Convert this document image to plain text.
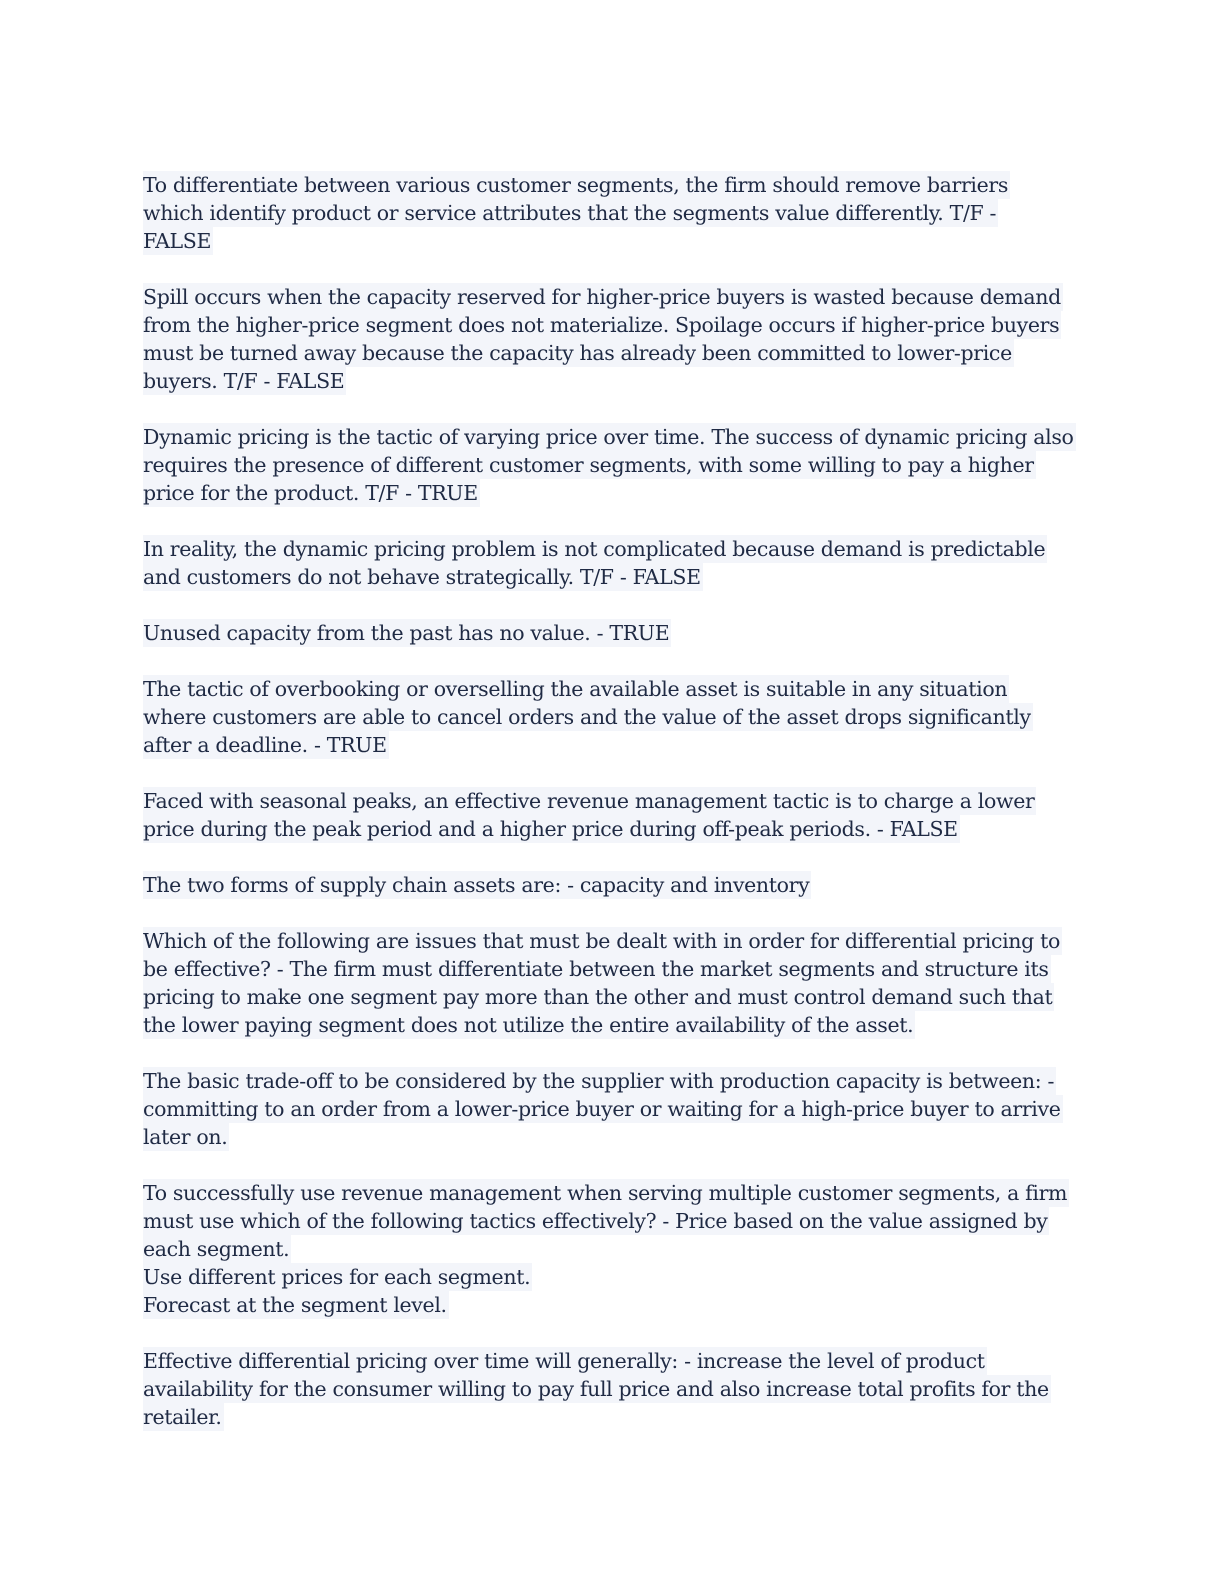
To differentiate between various customer segments, the firm should remove barriers
which identify product or service attributes that the segments value differently. T/F -
FALSE
Spill occurs when the capacity reserved for higher-price buyers is wasted because demand
from the higher-price segment does not materialize. Spoilage occurs if higher-price buyers
must be turned away because the capacity has already been committed to lower-price
buyers. T/F - FALSE
Dynamic pricing is the tactic of varying price over time. The success of dynamic pricing also
requires the presence of different customer segments, with some willing to pay a higher
price for the product. T/F - TRUE
In reality, the dynamic pricing problem is not complicated because demand is predictable
and customers do not behave strategically. T/F - FALSE
Unused capacity from the past has no value. - TRUE
The tactic of overbooking or overselling the available asset is suitable in any situation
where customers are able to cancel orders and the value of the asset drops significantly
after a deadline. - TRUE
Faced with seasonal peaks, an effective revenue management tactic is to charge a lower
price during the peak period and a higher price during off-peak periods. - FALSE
The two forms of supply chain assets are: - capacity and inventory
Which of the following are issues that must be dealt with in order for differential pricing to
be effective? - The firm must differentiate between the market segments and structure its
pricing to make one segment pay more than the other and must control demand such that
the lower paying segment does not utilize the entire availability of the asset.
The basic trade-off to be considered by the supplier with production capacity is between: -
committing to an order from a lower-price buyer or waiting for a high-price buyer to arrive
later on.
To successfully use revenue management when serving multiple customer segments, a firm
must use which of the following tactics effectively? - Price based on the value assigned by
each segment.
Use different prices for each segment.
Forecast at the segment level.
Effective differential pricing over time will generally: - increase the level of product
availability for the consumer willing to pay full price and also increase total profits for the
retailer.
